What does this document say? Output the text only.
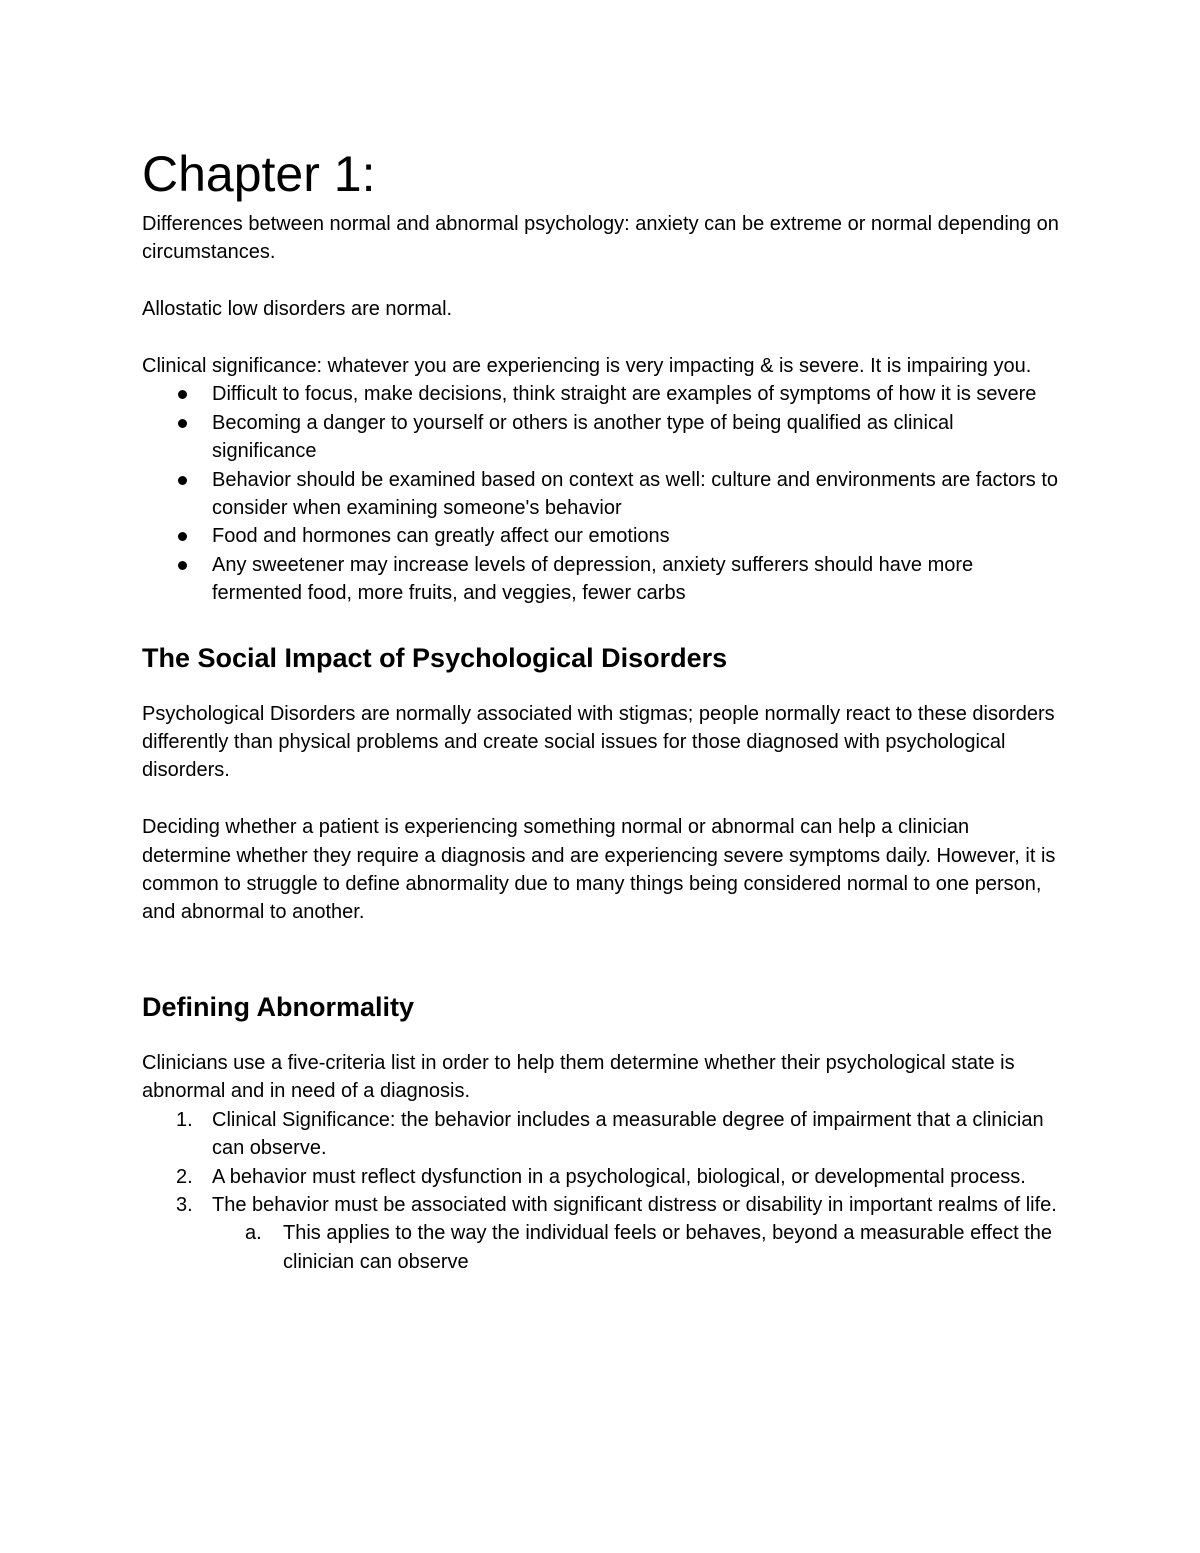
Chapter 1:

Differences between normal and abnormal psychology: anxiety can be extreme or normal depending on circumstances.

Allostatic low disorders are normal.

Clinical significance: whatever you are experiencing is very impacting & is severe. It is impairing you.

Difficult to focus, make decisions, think straight are examples of symptoms of how it is severe
Becoming a danger to yourself or others is another type of being qualified as clinical significance
Behavior should be examined based on context as well: culture and environments are factors to consider when examining someone's behavior
Food and hormones can greatly affect our emotions
Any sweetener may increase levels of depression, anxiety sufferers should have more fermented food, more fruits, and veggies, fewer carbs
The Social Impact of Psychological Disorders

Psychological Disorders are normally associated with stigmas; people normally react to these disorders differently than physical problems and create social issues for those diagnosed with psychological disorders.

Deciding whether a patient is experiencing something normal or abnormal can help a clinician determine whether they require a diagnosis and are experiencing severe symptoms daily. However, it is common to struggle to define abnormality due to many things being considered normal to one person, and abnormal to another.

Defining Abnormality

Clinicians use a five-criteria list in order to help them determine whether their psychological state is abnormal and in need of a diagnosis.

1. Clinical Significance: the behavior includes a measurable degree of impairment that a clinician can observe.
2. A behavior must reflect dysfunction in a psychological, biological, or developmental process.
3. The behavior must be associated with significant distress or disability in important realms of life.
a. This applies to the way the individual feels or behaves, beyond a measurable effect the clinician can observe
